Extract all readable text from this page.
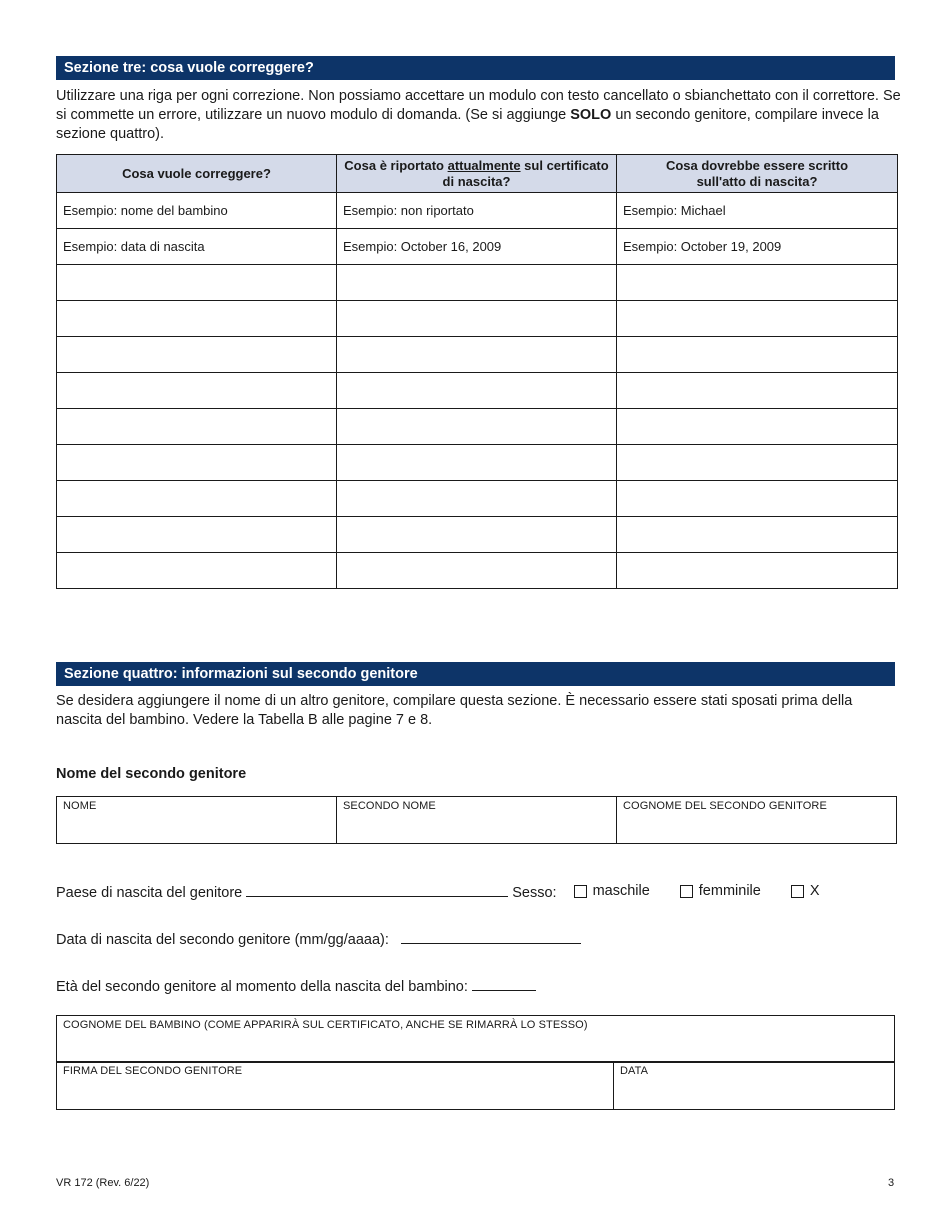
Sezione tre: cosa vuole correggere?
Utilizzare una riga per ogni correzione. Non possiamo accettare un modulo con testo cancellato o sbianchettato con il correttore. Se si commette un errore, utilizzare un nuovo modulo di domanda. (Se si aggiunge SOLO un secondo genitore, compilare invece la sezione quattro).
Cosa vuole correggere?	Cosa è riportato attualmente sul certificato di nascita?	Cosa dovrebbe essere scritto sull'atto di nascita?
Esempio: nome del bambino	Esempio: non riportato	Esempio: Michael
Esempio: data di nascita	Esempio: October 16, 2009	Esempio: October 19, 2009

Sezione quattro: informazioni sul secondo genitore
Se desidera aggiungere il nome di un altro genitore, compilare questa sezione. È necessario essere stati sposati prima della nascita del bambino. Vedere la Tabella B alle pagine 7 e 8.
Nome del secondo genitore
NOME	SECONDO NOME	COGNOME DEL SECONDO GENITORE
Paese di nascita del genitore	Sesso: maschile	femminile	X
Data di nascita del secondo genitore (mm/gg/aaaa):
Età del secondo genitore al momento della nascita del bambino:
COGNOME DEL BAMBINO (COME APPARIRÀ SUL CERTIFICATO, ANCHE SE RIMARRÀ LO STESSO)
FIRMA DEL SECONDO GENITORE	DATA
VR 172 (Rev. 6/22)	3
